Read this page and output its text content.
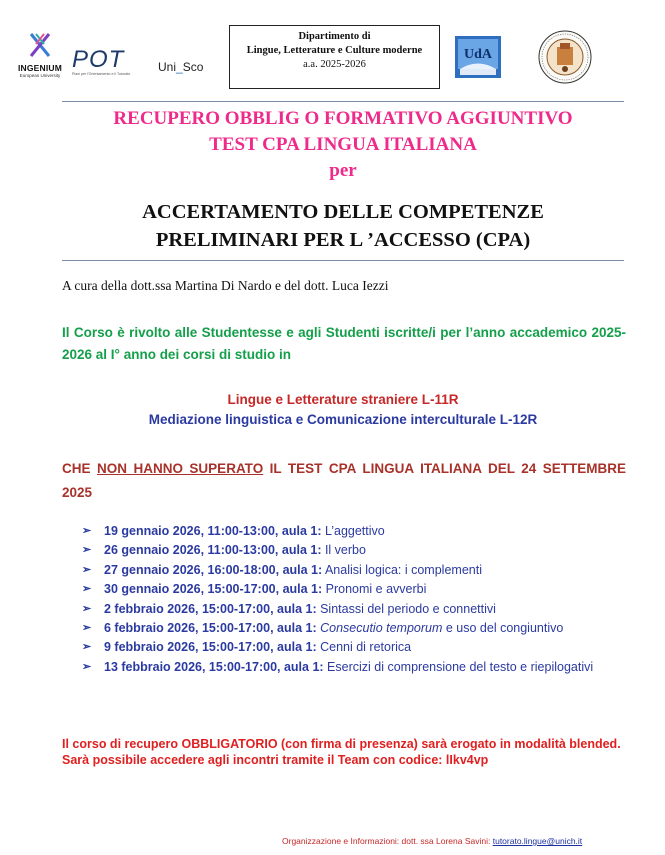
INGENIUM
European University
POT
Piani per l'Orientamento e il Tutorato	Uni_Sco
Dipartimento di
Lingue, Letterature e Culture moderne
a.a. 2025-2026
UdA
RECUPERO OBBLIG O FORMATIVO AGGIUNTIVO
TEST CPA LINGUA ITALIANA
per
ACCERTAMENTO DELLE COMPETENZE
PRELIMINARI PER L ’ACCESSO (CPA)
A cura della dott.ssa Martina Di Nardo e del dott. Luca Iezzi
Il Corso è rivolto alle Studentesse e agli Studenti iscritte/i per l’anno accademico 2025-2026 al I° anno dei corsi di studio in
Lingue e Letterature straniere L-11R
Mediazione linguistica e Comunicazione interculturale L-12R
CHE NON HANNO SUPERATO IL TEST CPA LINGUA ITALIANA DEL 24 SETTEMBRE 2025
➢ 19 gennaio 2026, 11:00-13:00, aula 1: L’aggettivo
➢ 26 gennaio 2026, 11:00-13:00, aula 1: Il verbo
➢ 27 gennaio 2026, 16:00-18:00, aula 1: Analisi logica: i complementi
➢ 30 gennaio 2026, 15:00-17:00, aula 1: Pronomi e avverbi
➢ 2 febbraio 2026, 15:00-17:00, aula 1: Sintassi del periodo e connettivi
➢ 6 febbraio 2026, 15:00-17:00, aula 1: Consecutio temporum e uso del congiuntivo
➢ 9 febbraio 2026, 15:00-17:00, aula 1: Cenni di retorica
➢ 13 febbraio 2026, 15:00-17:00, aula 1: Esercizi di comprensione del testo e riepilogativi
Il corso di recupero OBBLIGATORIO (con firma di presenza) sarà erogato in modalità blended. Sarà possibile accedere agli incontri tramite il Team con codice: lIkv4vp
Organizzazione e Informazioni: dott. ssa Lorena Savini: tutorato.lingue@unich.it
